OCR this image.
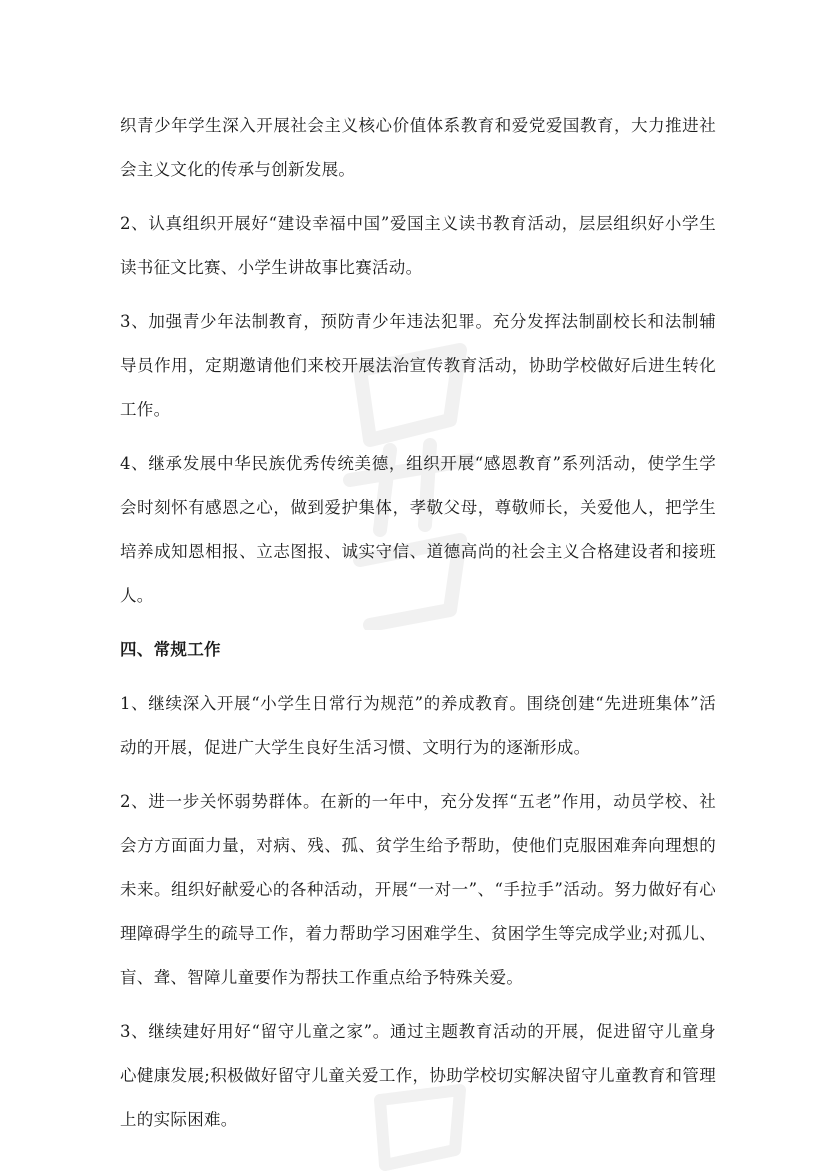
织青少年学生深入开展社会主义核心价值体系教育和爱党爱国教育，大力推进社会主义文化的传承与创新发展。

2、认真组织开展好“建设幸福中国”爱国主义读书教育活动，层层组织好小学生读书征文比赛、小学生讲故事比赛活动。

3、加强青少年法制教育，预防青少年违法犯罪。充分发挥法制副校长和法制辅导员作用，定期邀请他们来校开展法治宣传教育活动，协助学校做好后进生转化工作。

4、继承发展中华民族优秀传统美德，组织开展“感恩教育”系列活动，使学生学会时刻怀有感恩之心，做到爱护集体，孝敬父母，尊敬师长，关爱他人，把学生培养成知恩相报、立志图报、诚实守信、道德高尚的社会主义合格建设者和接班人。

四、常规工作

1、继续深入开展“小学生日常行为规范”的养成教育。围绕创建“先进班集体”活动的开展，促进广大学生良好生活习惯、文明行为的逐渐形成。

2、进一步关怀弱势群体。在新的一年中，充分发挥“五老”作用，动员学校、社会方方面面力量，对病、残、孤、贫学生给予帮助，使他们克服困难奔向理想的未来。组织好献爱心的各种活动，开展“一对一”、“手拉手”活动。努力做好有心理障碍学生的疏导工作，着力帮助学习困难学生、贫困学生等完成学业;对孤儿、盲、聋、智障儿童要作为帮扶工作重点给予特殊关爱。

3、继续建好用好“留守儿童之家”。通过主题教育活动的开展，促进留守儿童身心健康发展;积极做好留守儿童关爱工作，协助学校切实解决留守儿童教育和管理上的实际困难。
